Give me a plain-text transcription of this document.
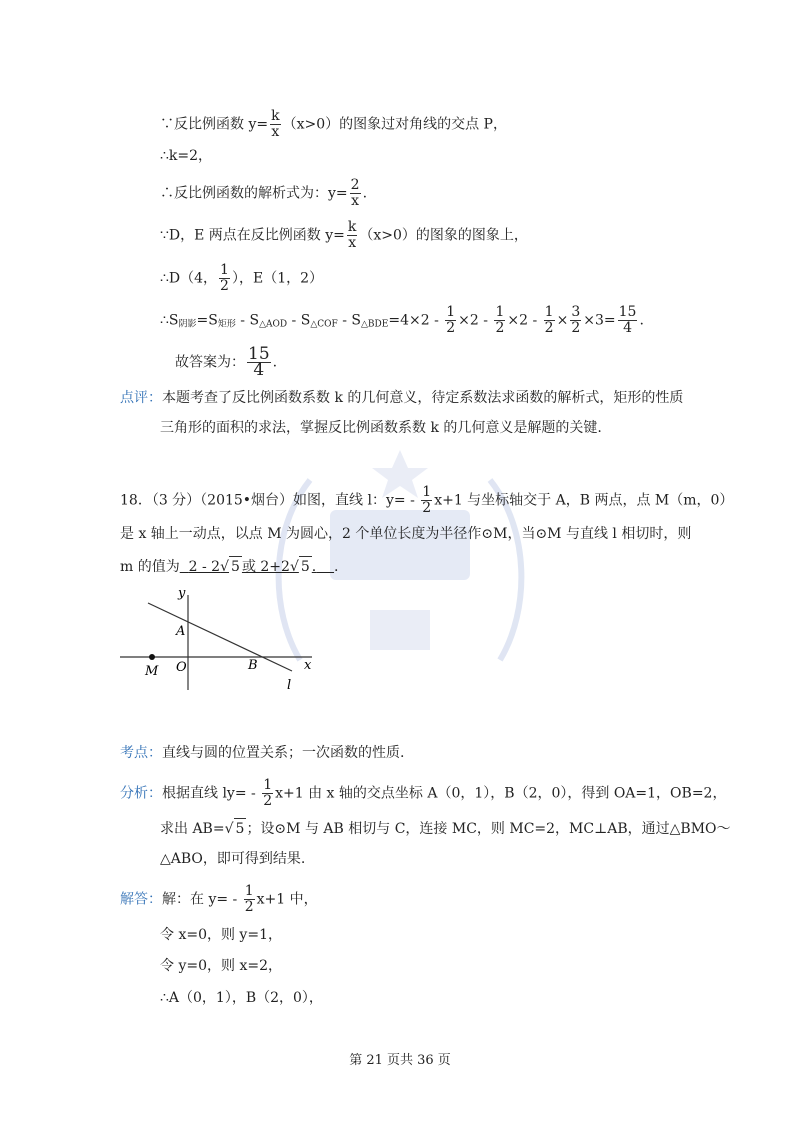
∵反比例函数 $y= \frac{k}{x} (x>0)$的图象过对角线的交点 P，
∴k=2，
∴反比例函数的解析式为：$y= \frac{2}{x}$ .
∵D，E 两点在反比例函数 $y= \frac{k}{x} (x>0)$的图象的图象上，
∴D（4， $\frac{1}{2}$ ），E（1，2）
$\therefore S_{阴影}=S_{矩形} - S_{\triangle AOD} - S_{\triangle COF} - S_{\triangle BDE}=4\times 2 - \frac{1}{2} \times 2 - \frac{1}{2} \times 2 - \frac{1}{2} \times \frac{3}{2} \times 3= \frac{15}{4}$ .
故答案为： $\frac{15}{4}$ .
点评：本题考查了反比例函数系数 k 的几何意义，待定系数法求函数的解析式，矩形的性质
三角形的面积的求法，掌握反比例函数系数 k 的几何意义是解题的关键.
18．（3 分）（2015•烟台）如图，直线 l：$y= - \frac{1}{2} x+1$ 与坐标轴交于 A，B 两点，点 M（m，0）
是 x 轴上一动点，以点 M 为圆心，2 个单位长度为半径作⊙M，当⊙M 与直线 l 相切时，则
m 的值为 2 - 2√ 5 或 2+2√ 5 . .
y
x
A
O	B
M
l
考点：直线与圆的位置关系；一次函数的性质.
分析：根据直线 $ly= - \frac{1}{2} x+1$ 由 x 轴的交点坐标 A（0，1），B（2，0），得到 OA=1，OB=2，
求出 AB=√ 5 ；设⊙M 与 AB 相切与 C，连接 MC，则 MC=2，MC⊥AB，通过△BMO～
△ABO，即可得到结果.
解答：解：在 $y= - \frac{1}{2} x+1$ 中，
令 x=0，则 y=1，
令 y=0，则 x=2，
∴A（0，1），B（2，0），
第 21 页共 36 页
